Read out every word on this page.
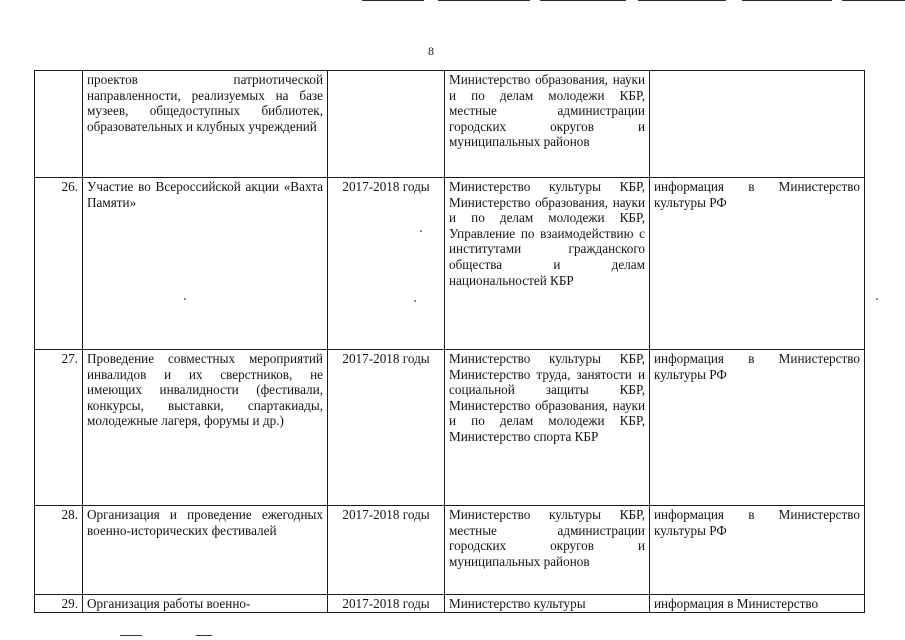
8
	проектов патриотической направленности, реализуемых на базе музеев, общедоступных библиотек, образовательных и клубных учреждений		Министерство образования, науки и по делам молодежи КБР, местные администрации городских округов и муниципальных районов	
26.	Участие во Всероссийской акции «Вахта Памяти»	2017-2018 годы	Министерство культуры КБР, Министерство образования, науки и по делам молодежи КБР, Управление по взаимодействию с институтами гражданского общества и делам национальностей КБР	информация в Министерство культуры РФ
27.	Проведение совместных мероприятий инвалидов и их сверстников, не имеющих инвалидности (фестивали, конкурсы, выставки, спартакиады, молодежные лагеря, форумы и др.)	2017-2018 годы	Министерство культуры КБР, Министерство труда, занятости и социальной защиты КБР, Министерство образования, науки и по делам молодежи КБР, Министерство спорта КБР	информация в Министерство культуры РФ
28.	Организация и проведение ежегодных военно-исторических фестивалей	2017-2018 годы	Министерство культуры КБР, местные администрации городских округов и муниципальных районов	информация в Министерство культуры РФ
29.	Организация работы военно-	2017-2018 годы	Министерство культуры	информация в Министерство
